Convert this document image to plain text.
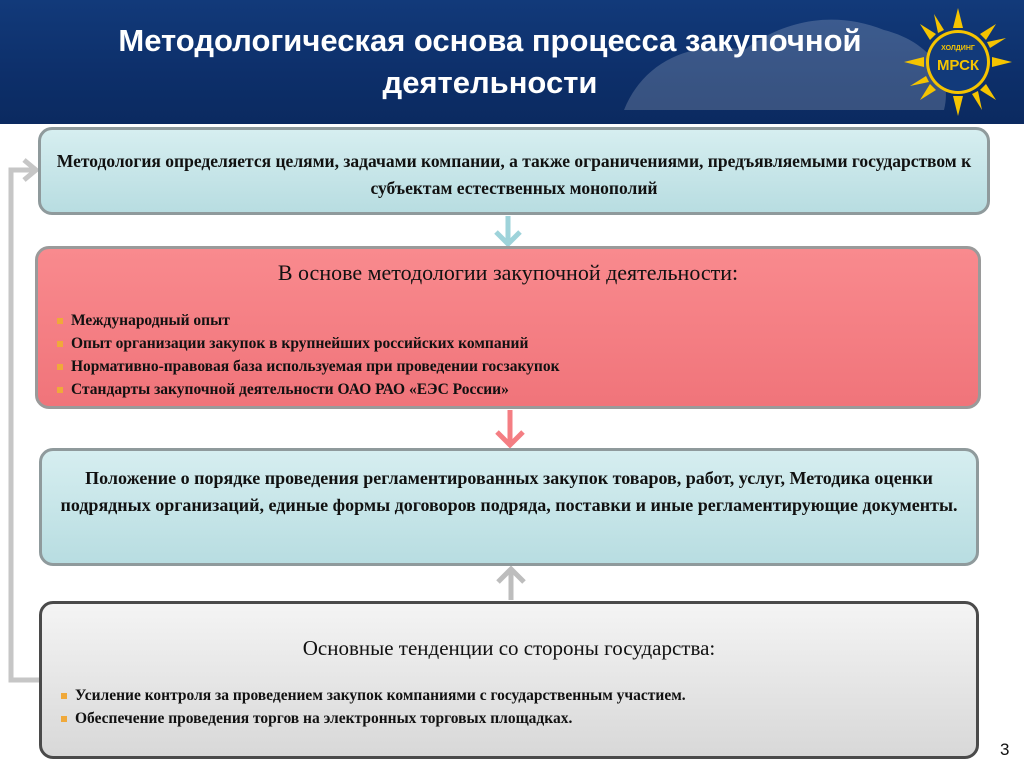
Методологическая основа процесса закупочной деятельности
ХОЛДИНГ
МРСК
Методология определяется целями, задачами компании, а также ограничениями, предъявляемыми государством к субъектам естественных монополий
В основе методологии закупочной деятельности:
Международный опыт
Опыт организации закупок в крупнейших российских компаний
Нормативно-правовая база используемая при проведении госзакупок
Стандарты закупочной деятельности ОАО РАО «ЕЭС России»
Положение о порядке проведения регламентированных закупок товаров, работ, услуг, Методика оценки подрядных организаций, единые формы договоров подряда, поставки и иные регламентирующие документы.
Основные тенденции со стороны государства:
Усиление контроля за проведением закупок компаниями с государственным участием.
Обеспечение проведения торгов на электронных торговых площадках.
3
